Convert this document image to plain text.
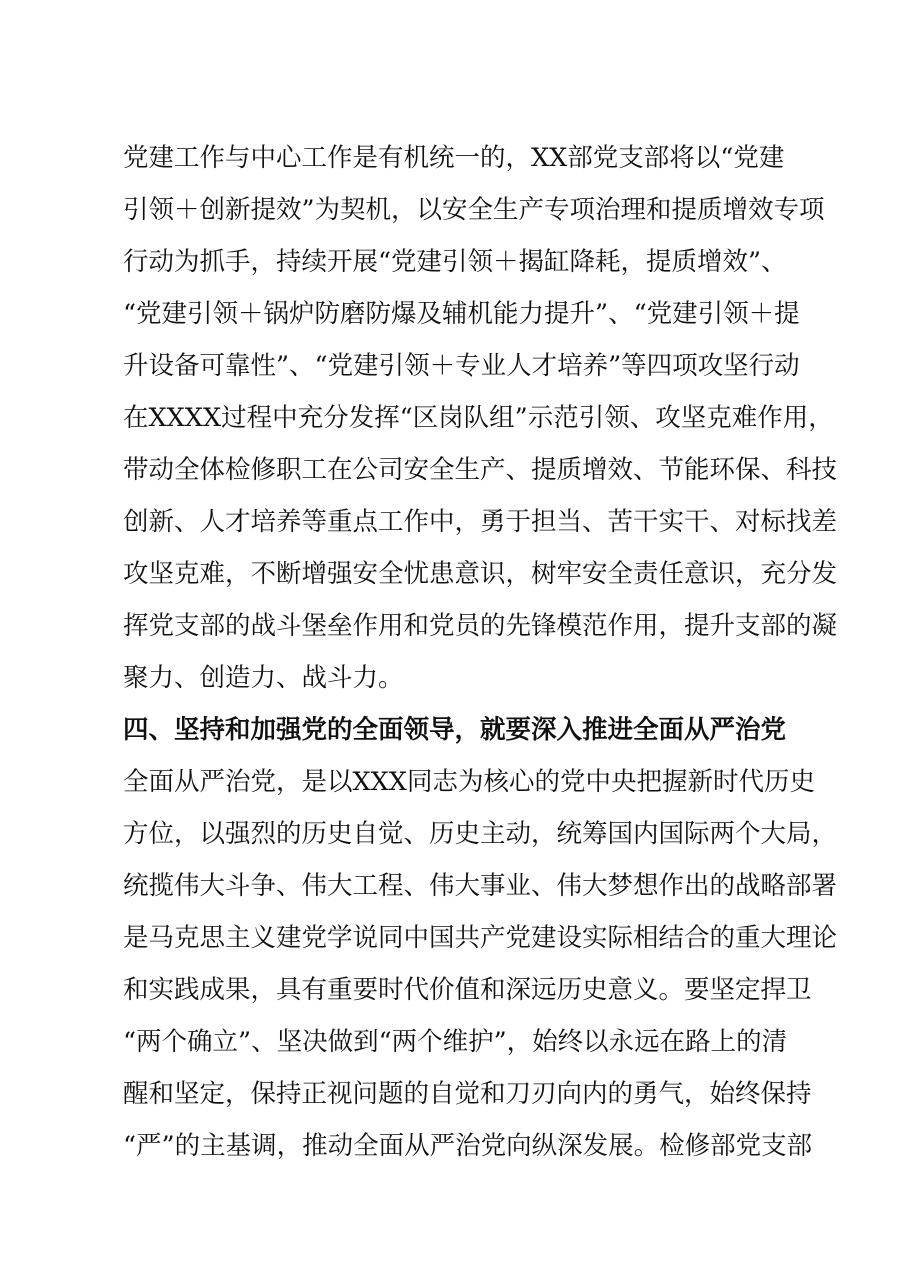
党建工作与中心工作是有机统一的，XX部党支部将以“党建
引领＋创新提效”为契机，以安全生产专项治理和提质增效专项
行动为抓手，持续开展“党建引领＋揭缸降耗，提质增效”、
“党建引领＋锅炉防磨防爆及辅机能力提升”、“党建引领＋提
升设备可靠性”、“党建引领＋专业人才培养”等四项攻坚行动
在XXXX过程中充分发挥“区岗队组”示范引领、攻坚克难作用，
带动全体检修职工在公司安全生产、提质增效、节能环保、科技
创新、人才培养等重点工作中，勇于担当、苦干实干、对标找差
攻坚克难，不断增强安全忧患意识，树牢安全责任意识，充分发
挥党支部的战斗堡垒作用和党员的先锋模范作用，提升支部的凝
聚力、创造力、战斗力。
四、坚持和加强党的全面领导，就要深入推进全面从严治党
全面从严治党，是以XXX同志为核心的党中央把握新时代历史
方位，以强烈的历史自觉、历史主动，统筹国内国际两个大局，
统揽伟大斗争、伟大工程、伟大事业、伟大梦想作出的战略部署
是马克思主义建党学说同中国共产党建设实际相结合的重大理论
和实践成果，具有重要时代价值和深远历史意义。要坚定捍卫
“两个确立”、坚决做到“两个维护”，始终以永远在路上的清
醒和坚定，保持正视问题的自觉和刀刃向内的勇气，始终保持
“严”的主基调，推动全面从严治党向纵深发展。检修部党支部
